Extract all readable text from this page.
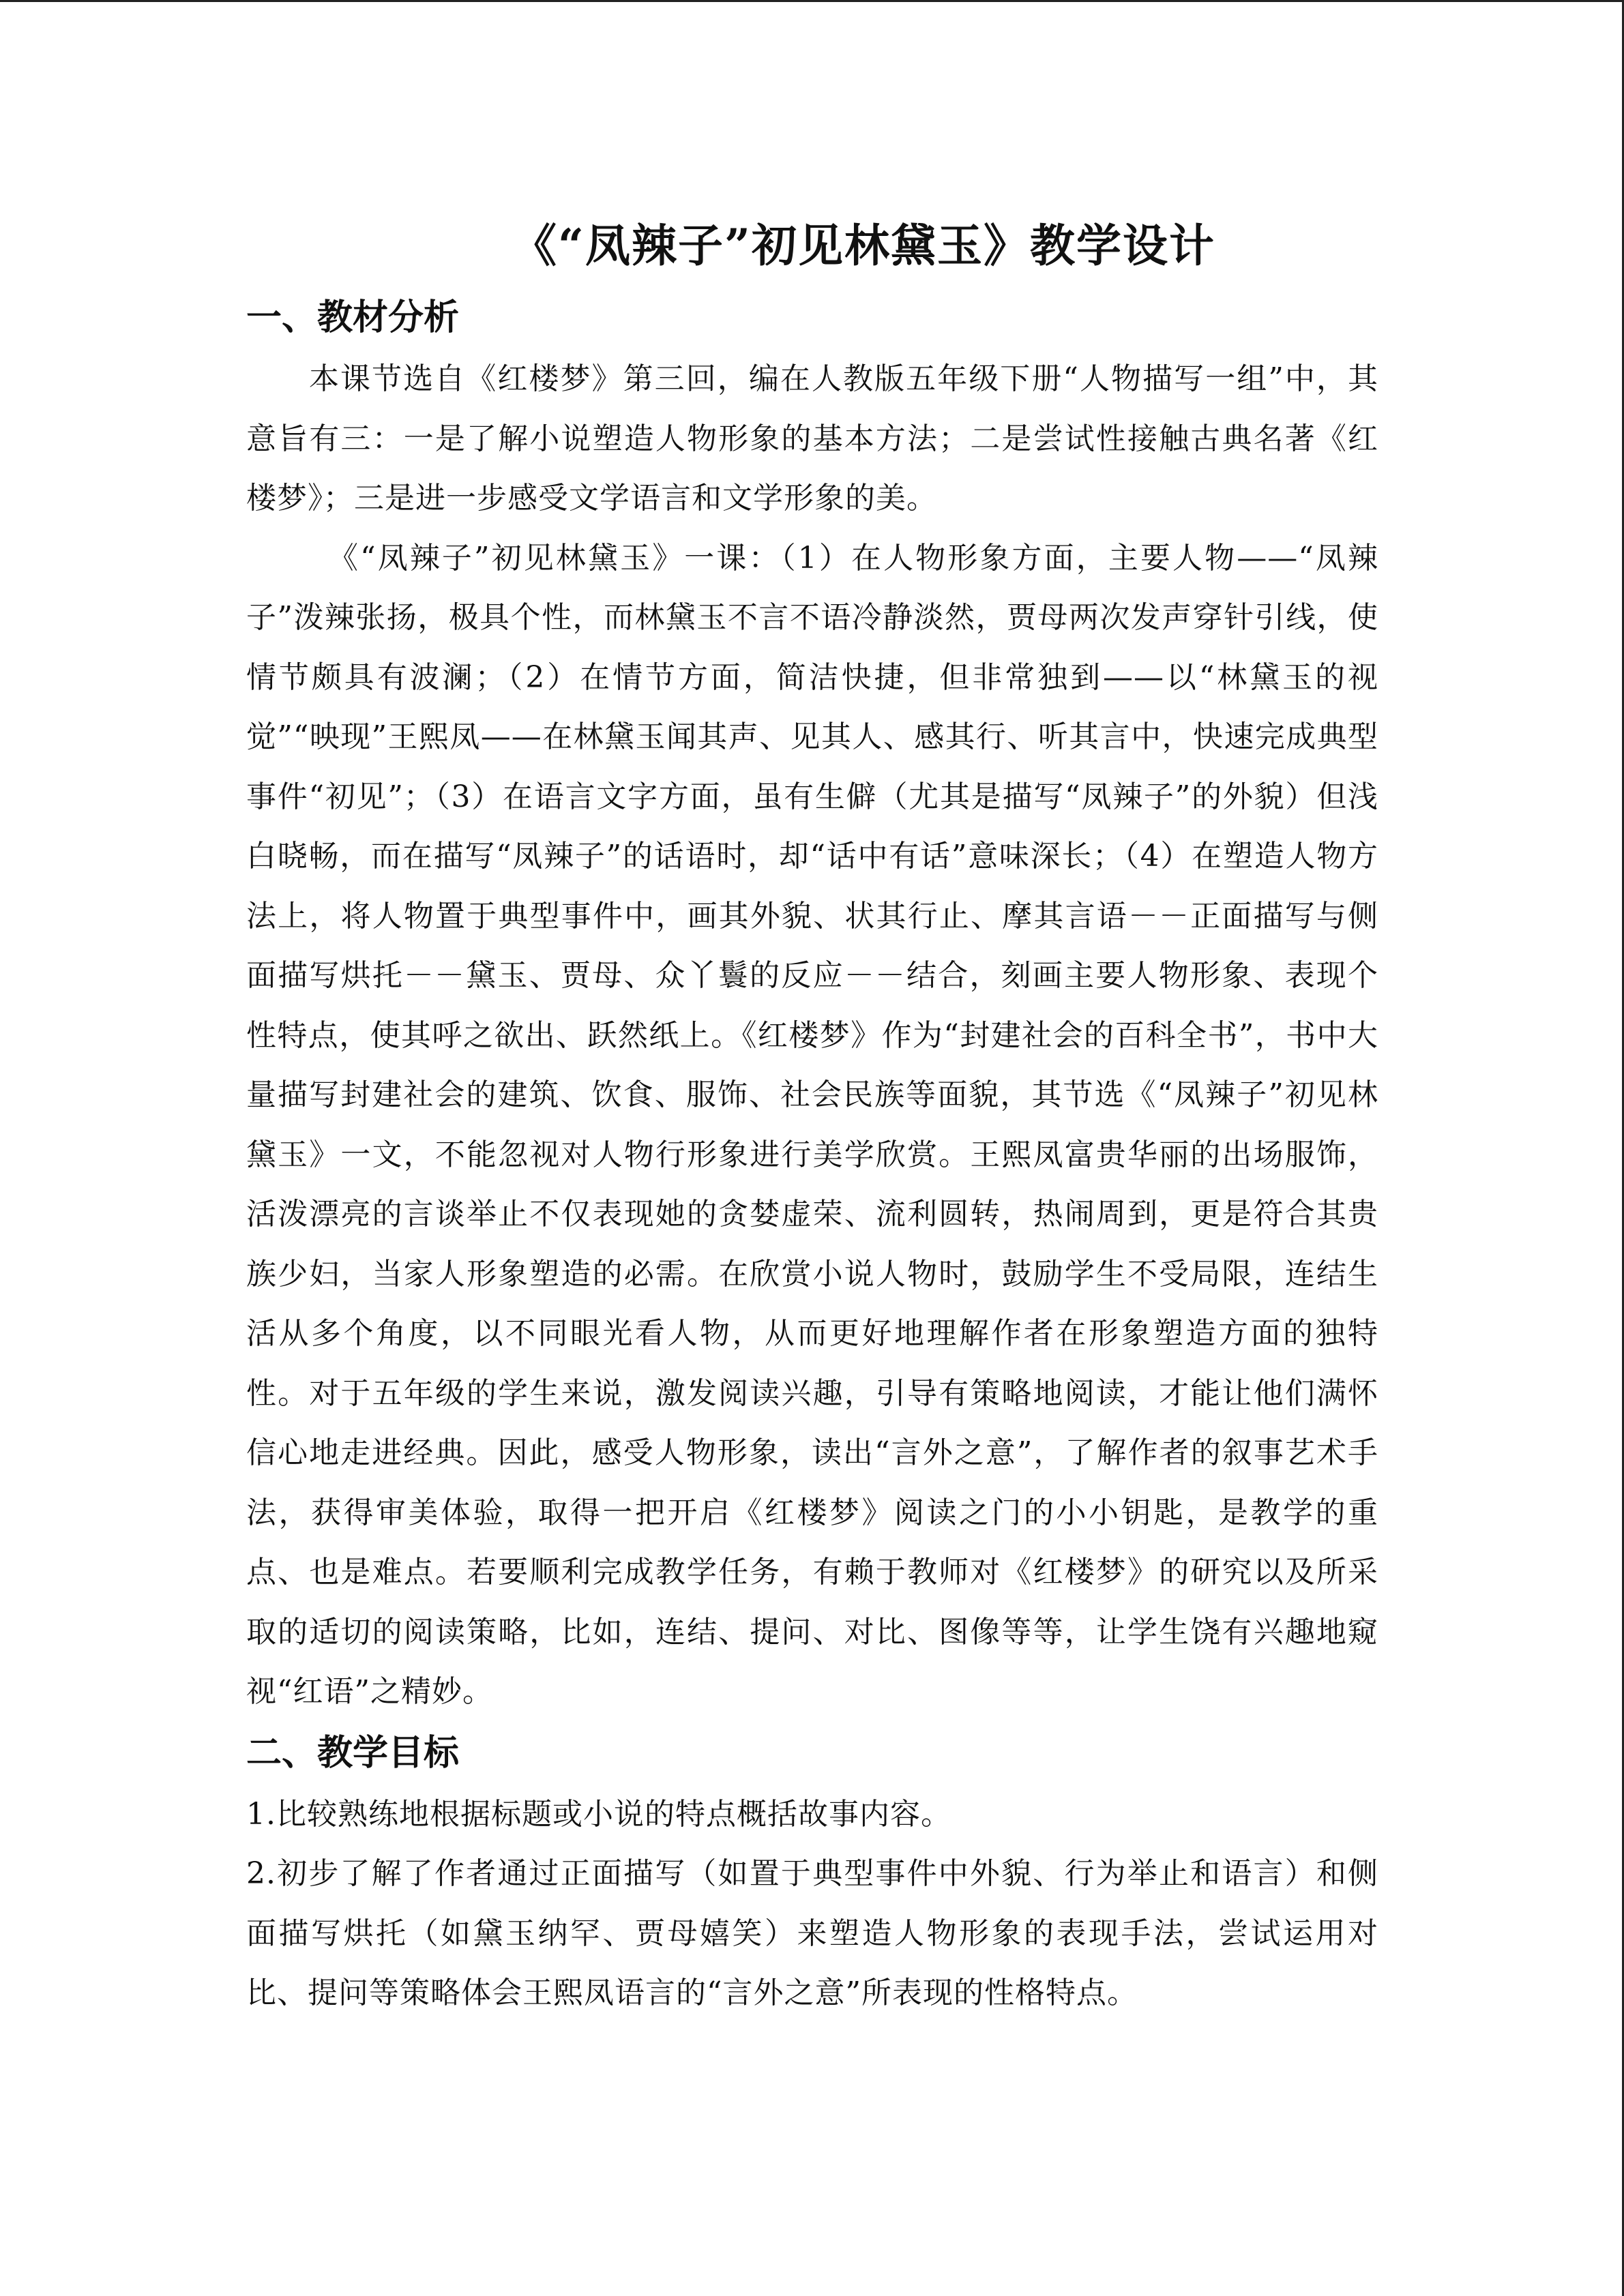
《“凤辣子”初见林黛玉》教学设计
一、教材分析

本课节选自《红楼梦》第三回，编在人教版五年级下册“人物描写一组”中，其意旨有三：一是了解小说塑造人物形象的基本方法；二是尝试性接触古典名著《红楼梦》；三是进一步感受文学语言和文学形象的美。

《“凤辣子”初见林黛玉》一课：（1）在人物形象方面，主要人物——“凤辣子”泼辣张扬，极具个性，而林黛玉不言不语冷静淡然，贾母两次发声穿针引线，使情节颇具有波澜；（2）在情节方面，简洁快捷，但非常独到——以“林黛玉的视觉”“映现”王熙凤——在林黛玉闻其声、见其人、感其行、听其言中，快速完成典型事件“初见”；（3）在语言文字方面，虽有生僻（尤其是描写“凤辣子”的外貌）但浅白晓畅，而在描写“凤辣子”的话语时，却“话中有话”意味深长；（4）在塑造人物方法上，将人物置于典型事件中，画其外貌、状其行止、摩其言语－－正面描写与侧面描写烘托－－黛玉、贾母、众丫鬟的反应－－结合，刻画主要人物形象、表现个性特点，使其呼之欲出、跃然纸上。《红楼梦》作为“封建社会的百科全书”，书中大量描写封建社会的建筑、饮食、服饰、社会民族等面貌，其节选《“凤辣子”初见林黛玉》一文，不能忽视对人物行形象进行美学欣赏。王熙凤富贵华丽的出场服饰，活泼漂亮的言谈举止不仅表现她的贪婪虚荣、流利圆转，热闹周到，更是符合其贵族少妇，当家人形象塑造的必需。在欣赏小说人物时，鼓励学生不受局限，连结生活从多个角度，以不同眼光看人物，从而更好地理解作者在形象塑造方面的独特性。对于五年级的学生来说，激发阅读兴趣，引导有策略地阅读，才能让他们满怀信心地走进经典。因此，感受人物形象，读出“言外之意”，了解作者的叙事艺术手法，获得审美体验，取得一把开启《红楼梦》阅读之门的小小钥匙，是教学的重点、也是难点。若要顺利完成教学任务，有赖于教师对《红楼梦》的研究以及所采取的适切的阅读策略，比如，连结、提问、对比、图像等等，让学生饶有兴趣地窥视“红语”之精妙。

二、教学目标

1.比较熟练地根据标题或小说的特点概括故事内容。

2.初步了解了作者通过正面描写（如置于典型事件中外貌、行为举止和语言）和侧面描写烘托（如黛玉纳罕、贾母嬉笑）来塑造人物形象的表现手法，尝试运用对比、提问等策略体会王熙凤语言的“言外之意”所表现的性格特点。
